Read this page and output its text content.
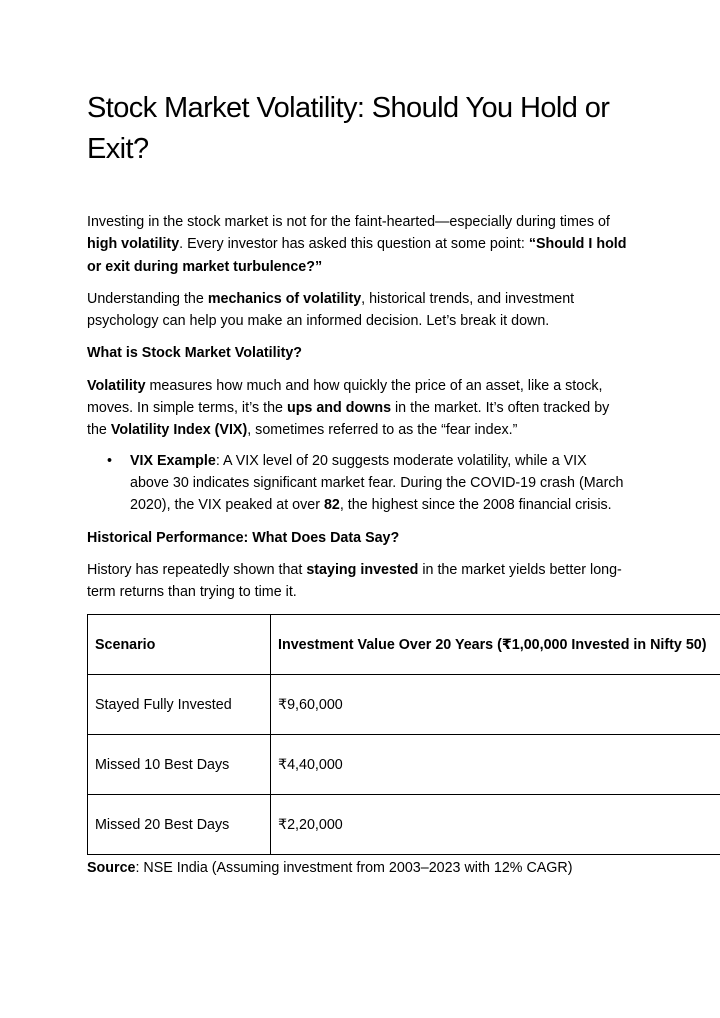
Stock Market Volatility: Should You Hold or Exit?

Investing in the stock market is not for the faint-hearted—especially during times of high volatility. Every investor has asked this question at some point: “Should I hold or exit during market turbulence?”

Understanding the mechanics of volatility, historical trends, and investment psychology can help you make an informed decision. Let’s break it down.

What is Stock Market Volatility?

Volatility measures how much and how quickly the price of an asset, like a stock, moves. In simple terms, it’s the ups and downs in the market. It’s often tracked by the Volatility Index (VIX), sometimes referred to as the “fear index.”

• VIX Example: A VIX level of 20 suggests moderate volatility, while a VIX above 30 indicates significant market fear. During the COVID-19 crash (March 2020), the VIX peaked at over 82, the highest since the 2008 financial crisis.

Historical Performance: What Does Data Say?

History has repeatedly shown that staying invested in the market yields better long-term returns than trying to time it.

Scenario	Investment Value Over 20 Years (₹1,00,000 Invested in Nifty 50)
Stayed Fully Invested	₹9,60,000
Missed 10 Best Days	₹4,40,000
Missed 20 Best Days	₹2,20,000

Source: NSE India (Assuming investment from 2003–2023 with 12% CAGR)
